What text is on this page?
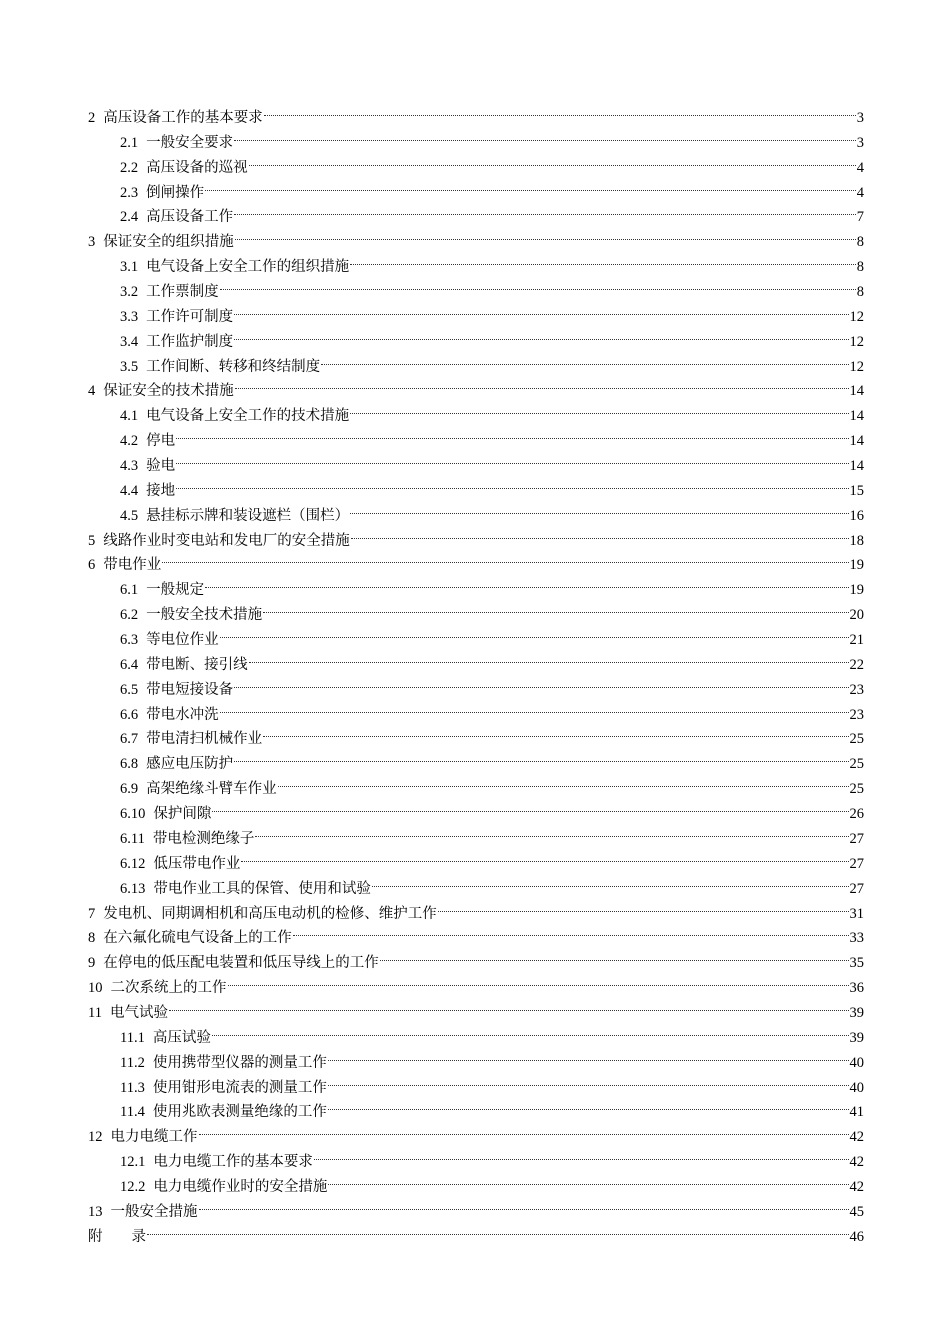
2 高压设备工作的基本要求	3
2.1 一般安全要求	3
2.2 高压设备的巡视	4
2.3 倒闸操作	4
2.4 高压设备工作	7
3 保证安全的组织措施	8
3.1 电气设备上安全工作的组织措施	8
3.2 工作票制度	8
3.3 工作许可制度	12
3.4 工作监护制度	12
3.5 工作间断、转移和终结制度	12
4 保证安全的技术措施	14
4.1 电气设备上安全工作的技术措施	14
4.2 停电	14
4.3 验电	14
4.4 接地	15
4.5 悬挂标示牌和装设遮栏（围栏）	16
5 线路作业时变电站和发电厂的安全措施	18
6 带电作业	19
6.1 一般规定	19
6.2 一般安全技术措施	20
6.3 等电位作业	21
6.4 带电断、接引线	22
6.5 带电短接设备	23
6.6 带电水冲洗	23
6.7 带电清扫机械作业	25
6.8 感应电压防护	25
6.9 高架绝缘斗臂车作业	25
6.10 保护间隙	26
6.11 带电检测绝缘子	27
6.12 低压带电作业	27
6.13 带电作业工具的保管、使用和试验	27
7 发电机、同期调相机和高压电动机的检修、维护工作	31
8 在六氟化硫电气设备上的工作	33
9 在停电的低压配电装置和低压导线上的工作	35
10 二次系统上的工作	36
11 电气试验	39
11.1 高压试验	39
11.2 使用携带型仪器的测量工作	40
11.3 使用钳形电流表的测量工作	40
11.4 使用兆欧表测量绝缘的工作	41
12 电力电缆工作	42
12.1 电力电缆工作的基本要求	42
12.2 电力电缆作业时的安全措施	42
13 一般安全措施	45
附　　录	46
